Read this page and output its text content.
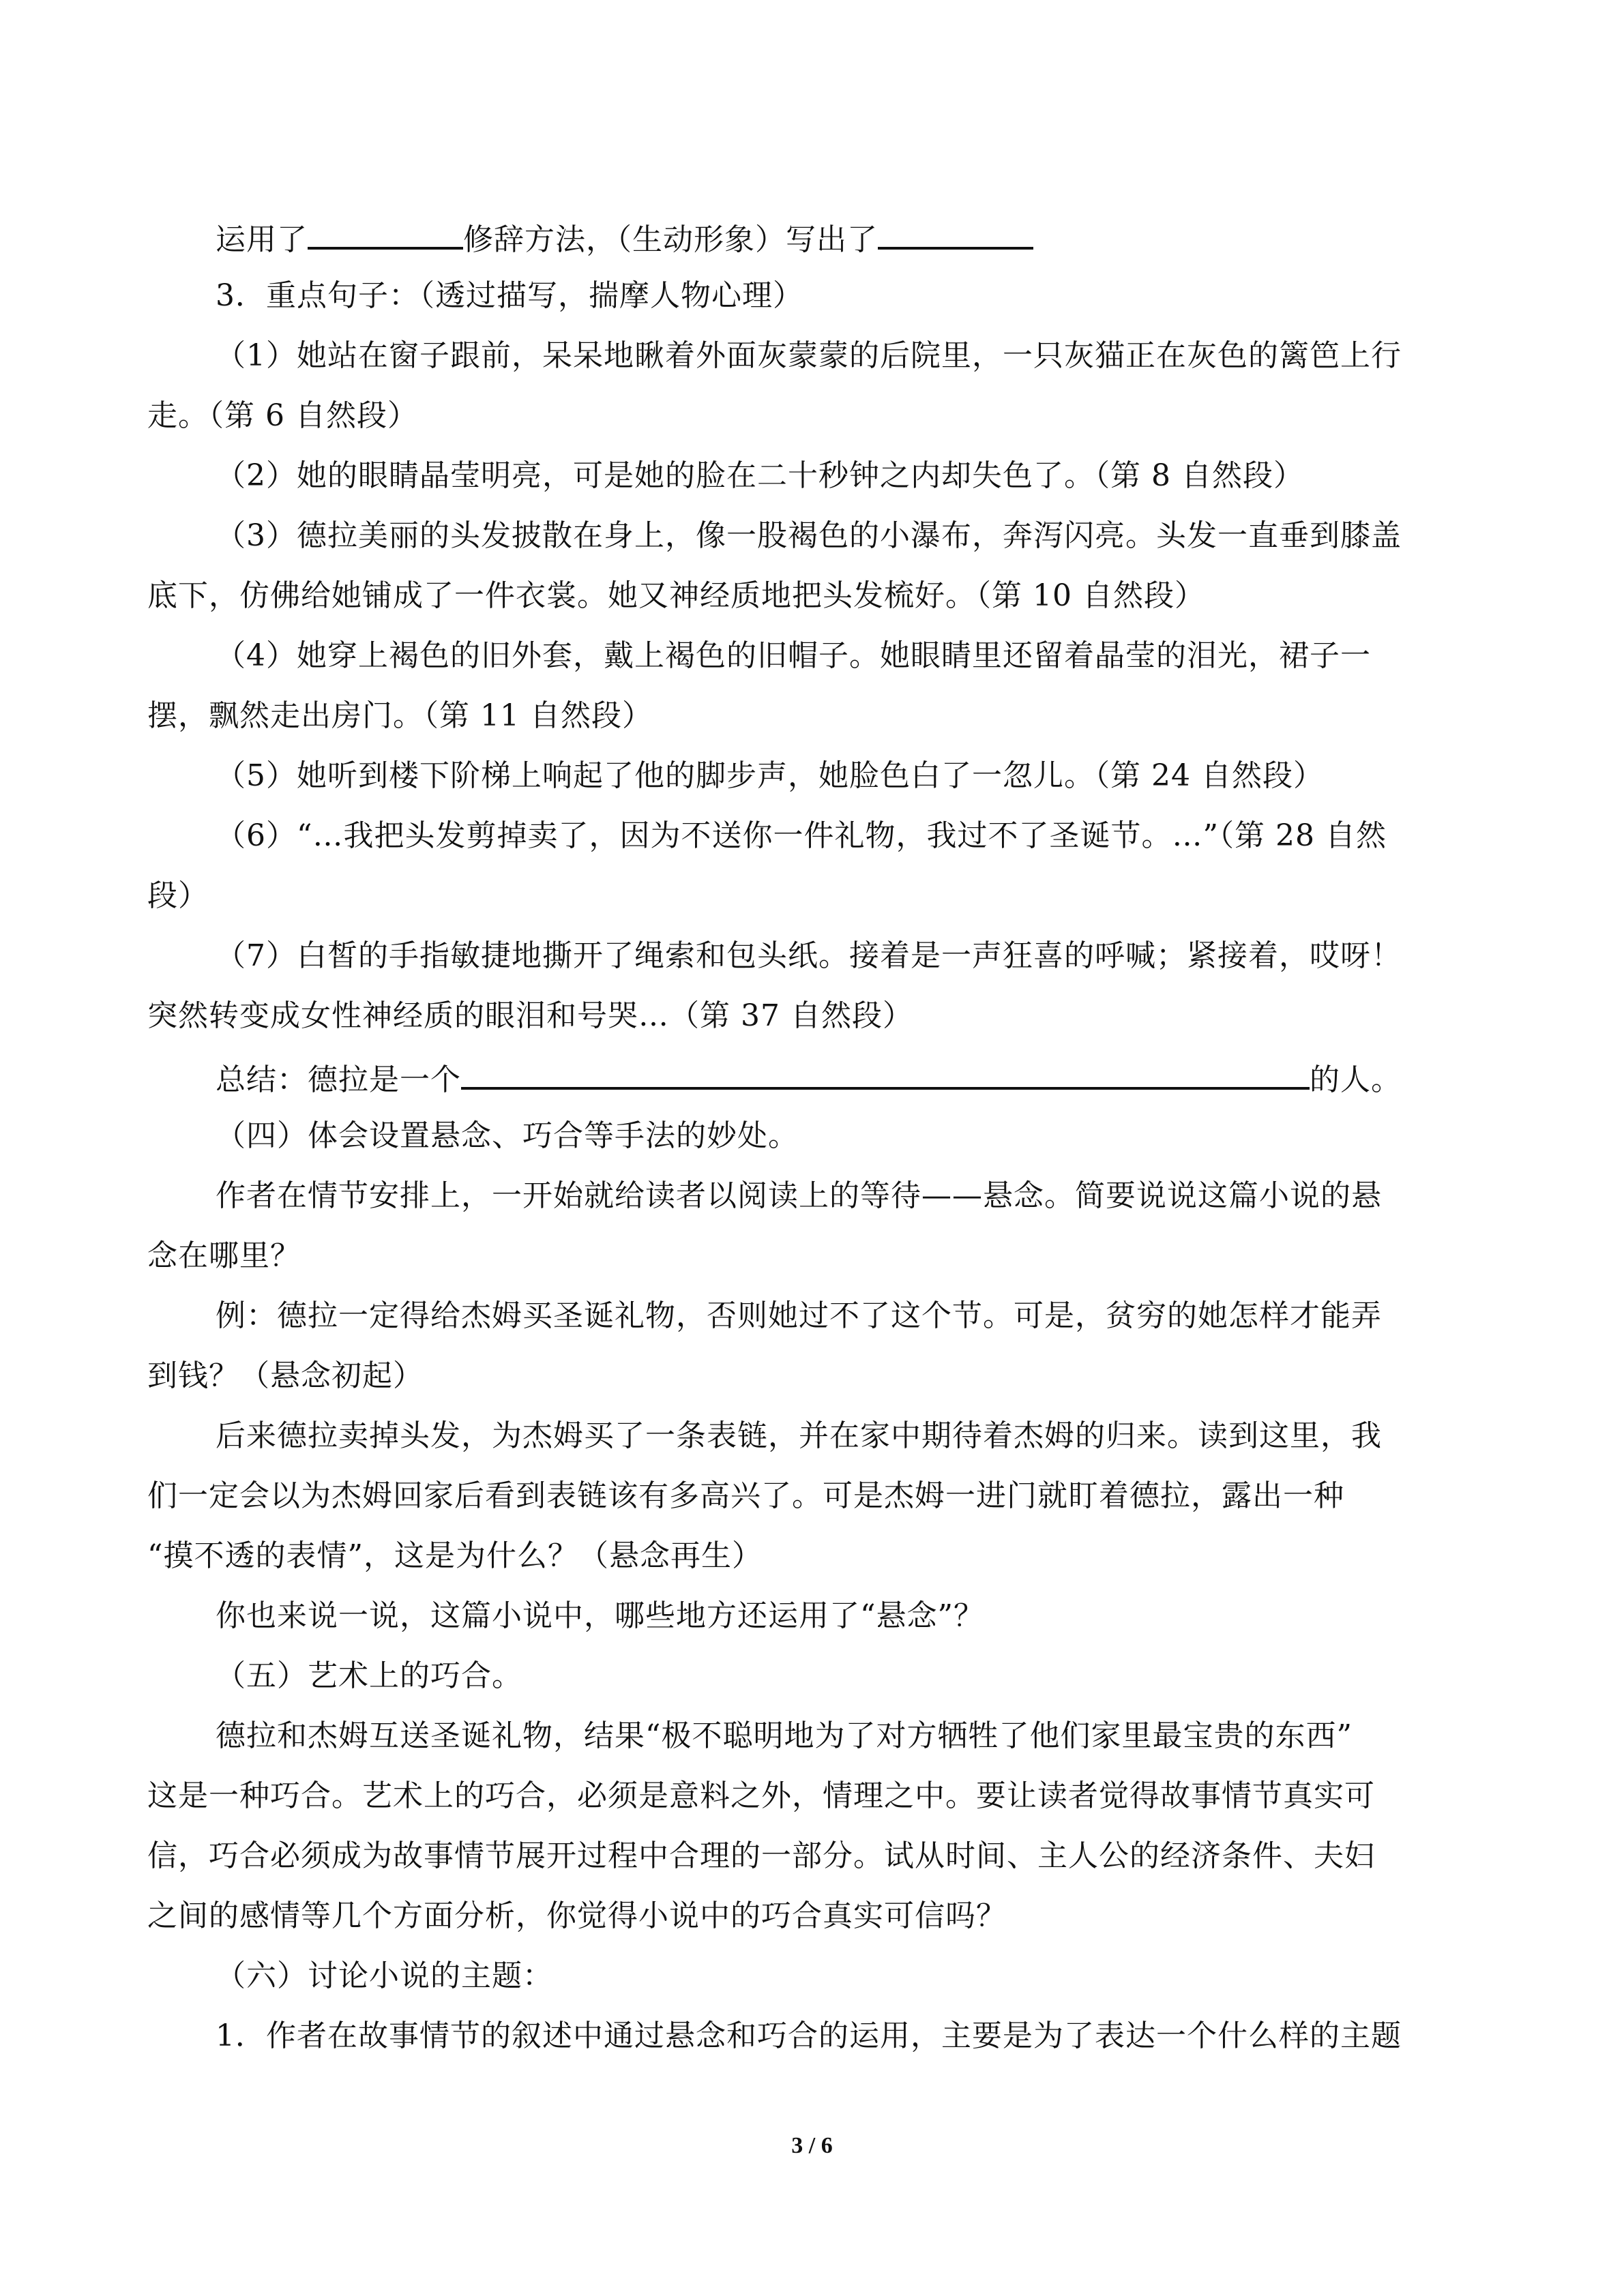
运用了	修辞方法，（生动形象）写出了
3．重点句子：（透过描写，揣摩人物心理）
（1）她站在窗子跟前，呆呆地瞅着外面灰蒙蒙的后院里，一只灰猫正在灰色的篱笆上行
走。（第 6 自然段）
（2）她的眼睛晶莹明亮，可是她的脸在二十秒钟之内却失色了。（第 8 自然段）
（3）德拉美丽的头发披散在身上，像一股褐色的小瀑布，奔泻闪亮。头发一直垂到膝盖
底下，仿佛给她铺成了一件衣裳。她又神经质地把头发梳好。（第 10 自然段）
（4）她穿上褐色的旧外套，戴上褐色的旧帽子。她眼睛里还留着晶莹的泪光，裙子一
摆，飘然走出房门。（第 11 自然段）
（5）她听到楼下阶梯上响起了他的脚步声，她脸色白了一忽儿。（第 24 自然段）
（6）“…我把头发剪掉卖了，因为不送你一件礼物，我过不了圣诞节。…”（第 28 自然
段）
（7）白皙的手指敏捷地撕开了绳索和包头纸。接着是一声狂喜的呼喊；紧接着，哎呀！
突然转变成女性神经质的眼泪和号哭…（第 37 自然段）
总结：德拉是一个	的人。
（四）体会设置悬念、巧合等手法的妙处。
作者在情节安排上，一开始就给读者以阅读上的等待——悬念。简要说说这篇小说的悬
念在哪里？
例：德拉一定得给杰姆买圣诞礼物，否则她过不了这个节。可是，贫穷的她怎样才能弄
到钱？（悬念初起）
后来德拉卖掉头发，为杰姆买了一条表链，并在家中期待着杰姆的归来。读到这里，我
们一定会以为杰姆回家后看到表链该有多高兴了。可是杰姆一进门就盯着德拉，露出一种
“摸不透的表情”，这是为什么？（悬念再生）
你也来说一说，这篇小说中，哪些地方还运用了“悬念”？
（五）艺术上的巧合。
德拉和杰姆互送圣诞礼物，结果“极不聪明地为了对方牺牲了他们家里最宝贵的东西”
这是一种巧合。艺术上的巧合，必须是意料之外，情理之中。要让读者觉得故事情节真实可
信，巧合必须成为故事情节展开过程中合理的一部分。试从时间、主人公的经济条件、夫妇
之间的感情等几个方面分析，你觉得小说中的巧合真实可信吗？
（六）讨论小说的主题：
1．作者在故事情节的叙述中通过悬念和巧合的运用，主要是为了表达一个什么样的主题
3 / 6
